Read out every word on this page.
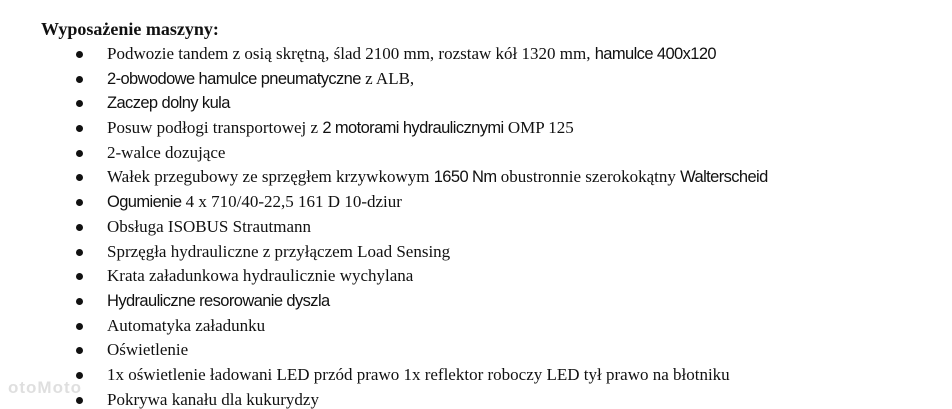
Wyposażenie maszyny:
Podwozie tandem z osią skrętną, ślad 2100 mm, rozstaw kół 1320 mm, hamulce 400x120
2-obwodowe hamulce pneumatyczne z ALB,
Zaczep dolny kula
Posuw podłogi transportowej z 2 motorami hydraulicznymi OMP 125
2-walce dozujące
Wałek przegubowy ze sprzęgłem krzywkowym 1650 Nm obustronnie szerokokątny Walterscheid
Ogumienie 4 x 710/40-22,5 161 D 10-dziur
Obsługa ISOBUS Strautmann
Sprzęgła hydrauliczne z przyłączem Load Sensing
Krata załadunkowa hydraulicznie wychylana
Hydrauliczne resorowanie dyszla
Automatyka załadunku
Oświetlenie
1x oświetlenie ładowani LED przód prawo 1x reflektor roboczy LED tył prawo na błotniku
Pokrywa kanału dla kukurydzy
otoMoto
